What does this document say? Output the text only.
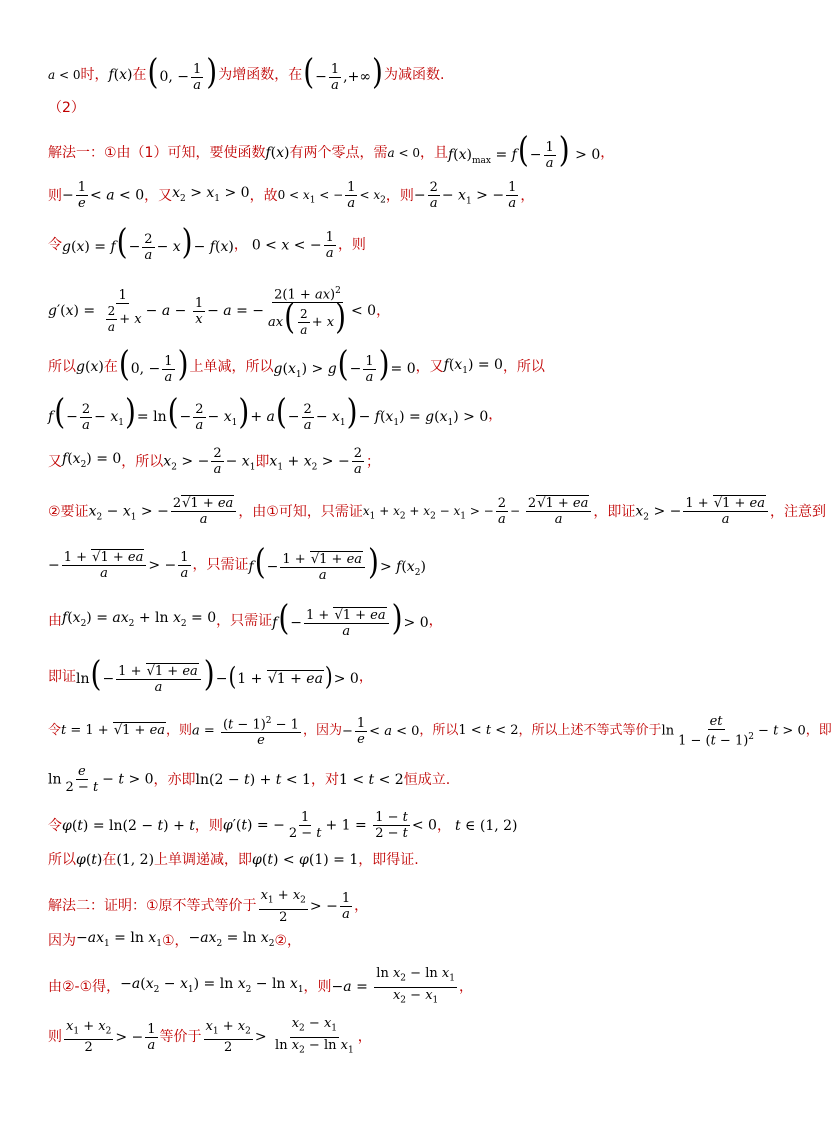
a < 0 时， f(x) 在 (0, − $\frac{1}{a}$ ) 为增函数，在 (− $\frac{1}{a}$ ,+∞) 为减函数.
（2）
解法一：①由（1）可知，要使函数 f(x) 有两个零点，需 a < 0 ，且 $f(x)_{max} = f(- \frac{1}{a}$ ) > 0 ，
则 − $\frac{1}{e} < a < 0$ ，又 $x_2 > x_1 > 0$ ，故 $0 < x_1$ < − $\frac{1}{a} < x_2$ ，则 − $\frac{2}{a} - x_1$ > − $\frac{1}{a}$ ，
令 $g(x) = f(- \frac{2}{a} - x)- f(x)$ ， 0 < x < − $\frac{1}{a}$ ，则
$g'(x) = \frac{1}{\frac{2}{a} + x} - a - \frac{1}{x} - a$ = − $\frac{2(1 + ax)^2}{ax( \frac{2}{a} + x)} < 0$ ，
所以 g(x) 在 (0, − $\frac{1}{a}$ ) 上单减，所以 $g(x_1) > g(- \frac{1}{a}$ )= 0 ，又 $f(x_1) = 0$ ，所以
$f(- \frac{2}{a} - x_1)= \ln(- \frac{2}{a} - x_1)+ a(- \frac{2}{a} - x_1)- f(x_1) = g(x_1) > 0$ ，
又 $f(x_2) = 0$ ，所以 $x_2$ > − $\frac{2}{a} - x_1$ 即 $x_1 + x_2$ > − $\frac{2}{a}$ ；
②要证 $x_2 - x_1$ > − $\frac{2√1 + ea}{a}$ ，由①可知，只需证 $x_1 + x_2 + x_2 - x_1$ > − $\frac{2}{a} - \frac{2√1 + ea}{a}$ ，即证 $x_2$ > − $\frac{1 + √1 + ea}{a}$ ，注意到
− $\frac{1 + √1 + ea}{a}$ > − $\frac{1}{a}$ ，只需证 $f(- \frac{1 + √1 + ea}{a}$ )> $f(x_2)$
由 $f(x_2) = ax_2 + \ln x_2 = 0$ ，只需证 $f(- \frac{1 + √1 + ea}{a}$ )> 0 ，
即证 $\ln(- \frac{1 + √1 + ea}{a} )-(1 + √1$ + ea )> 0 ，
令 t = 1 + √1 + ea ，则 $a = \frac{(t - 1)^2 - 1}{e}$ ，因为 − $\frac{1}{e} < a < 0$ ，所以 1 < t < 2 ，所以上述不等式等价于 $\ln \frac{et}{1 - (t - 1)^2} - t > 0$ ，即
$\ln \frac{e}{2 - t} - t > 0$ ，亦即 ln(2 − t) + t < 1 ，对 1 < t < 2 恒成立.
令 φ(t) = ln(2 − t) + t ，则 φ′(t) = − $\frac{1}{2 - t} + 1 = \frac{1 - t}{2 - t} < 0$ ， t ∈ (1, 2)
所以 φ(t) 在 (1, 2) 上单调递减，即 φ(t) < φ(1) = 1 ，即得证.
解法二：证明：①原不等式等价于 $\frac{x_1 + x_2}{2}$ > − $\frac{1}{a}$ ，
因为 $-ax_1 = \ln x_1$ ①， $-ax_2 = \ln x_2$ ②，
由②-①得， $-a(x_2 - x_1) = \ln x_2 - \ln x_1$ ，则 $-a = \frac{\ln x_2 - \ln x_1}{x_2 - x_1}$ ，
则 $\frac{x_1 + x_2}{2}$ > − $\frac{1}{a}$ 等价于 $\frac{x_1 + x_2}{2} > \frac{x_2 - x_1}{\ln x_2 - \ln x_1}$ ，
